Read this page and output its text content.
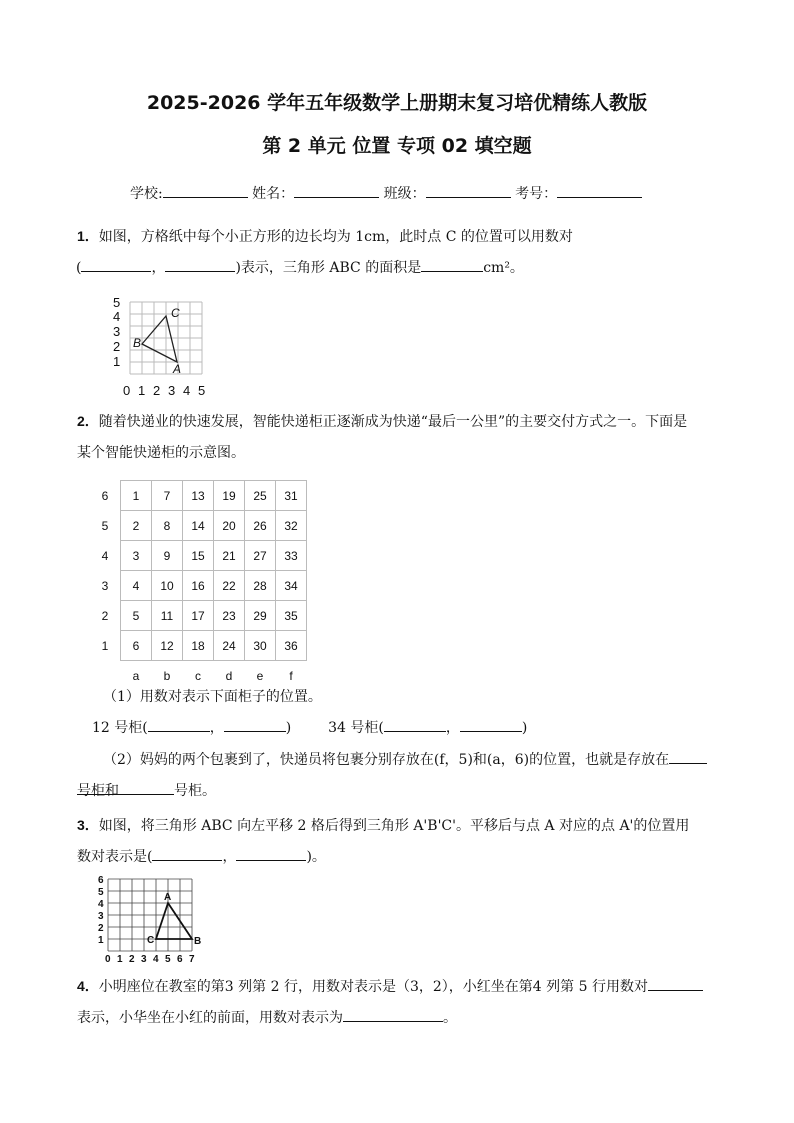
2025-2026 学年五年级数学上册期末复习培优精练人教版
第 2 单元 位置 专项 02 填空题
学校:	姓名：	班级：	考号：
1．如图，方格纸中每个小正方形的边长均为 1cm，此时点 C 的位置可以用数对
(	，	)表示，三角形 ABC 的面积是	cm²。
5
4
3
2
1
0 1 2 3 4 5
B
C
A
2．随着快递业的快速发展，智能快递柜正逐渐成为快递“最后一公里”的主要交付方式之一。下面是
某个智能快递柜的示意图。
6	1	7	13	19	25	31
5	2	8	14	20	26	32
4	3	9	15	21	27	33
3	4	10	16	22	28	34
2	5	11	17	23	29	35
1	6	12	18	24	30	36
	a	b	c	d	e	f
（1）用数对表示下面柜子的位置。
12 号柜(	，	)	34 号柜(	，	)
（2）妈妈的两个包裹到了，快递员将包裹分别存放在(f，5)和(a，6)的位置，也就是存放在
号柜和	号柜。
3．如图，将三角形 ABC 向左平移 2 格后得到三角形 A'B'C'。平移后与点 A 对应的点 A'的位置用
数对表示是(	，	)。
6
5
4
3
2
1
0 1 2 3 4 5 6 7
A
B
C
4．小明座位在教室的第3 列第 2 行，用数对表示是（3，2），小红坐在第4 列第 5 行用数对
表示，小华坐在小红的前面，用数对表示为	。
